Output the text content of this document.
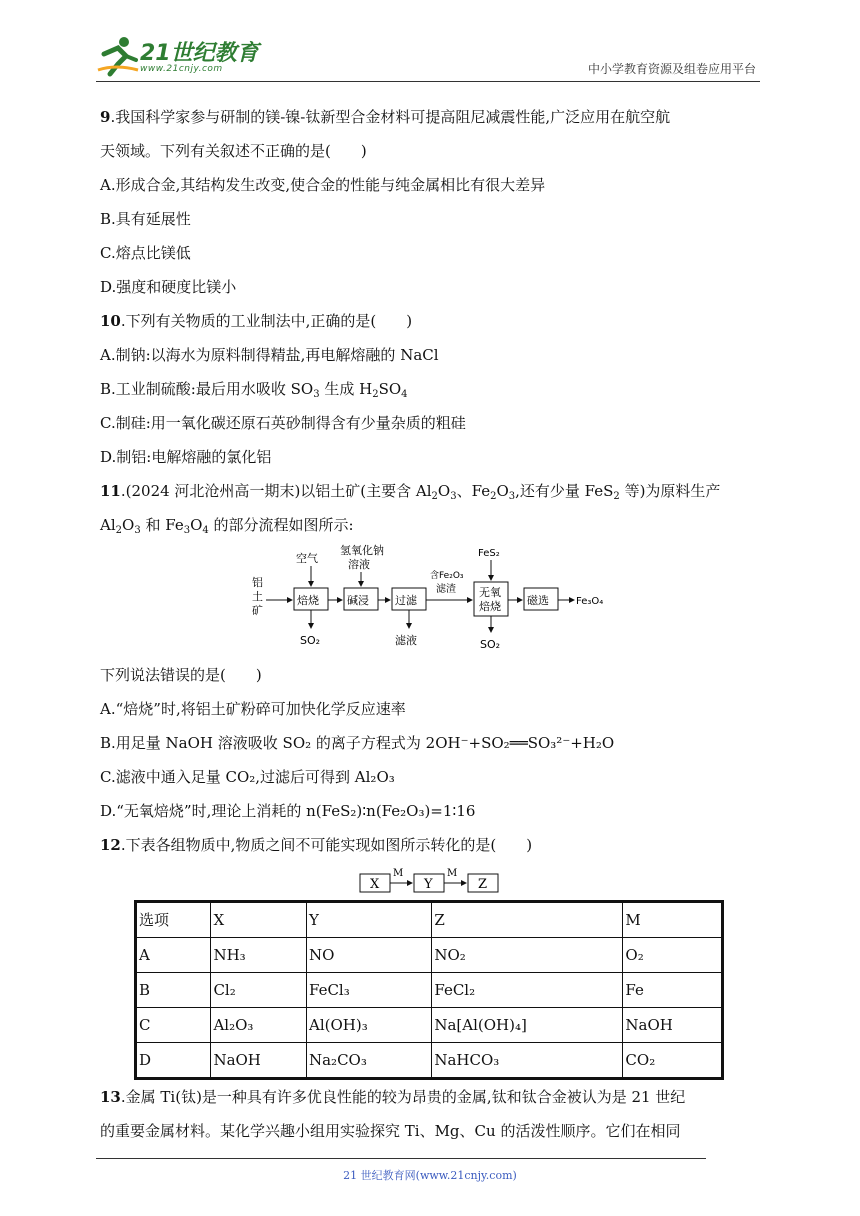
21世纪教育
www.21cnjy.com	中小学教育资源及组卷应用平台
9.我国科学家参与研制的镁-镍-钛新型合金材料可提高阻尼减震性能,广泛应用在航空航
天领域。下列有关叙述不正确的是(　　)
A.形成合金,其结构发生改变,使合金的性能与纯金属相比有很大差异
B.具有延展性
C.熔点比镁低
D.强度和硬度比镁小
10.下列有关物质的工业制法中,正确的是(　　)
A.制钠:以海水为原料制得精盐,再电解熔融的 NaCl
B.工业制硫酸:最后用水吸收 $SO_3$ 生成 $H_2SO_4$
C.制硅:用一氧化碳还原石英砂制得含有少量杂质的粗硅
D.制铝:电解熔融的氯化铝
11.(2024 河北沧州高一期末)以铝土矿(主要含 $Al_2O_3$、$Fe_2O_3$,还有少量 FeS$_2$ 等)为原料生产
$Al_2O_3$ 和 $Fe_3O_4$ 的部分流程如图所示:
铝
土
矿
焙烧
空气
SO₂
碱浸
氢氧化钠
溶液
过滤
滤液
含Fe₂O₃
滤渣 无氧
焙烧
FeS₂
SO₂
磁选	Fe₃O₄
下列说法错误的是(　　)
A.“焙烧”时,将铝土矿粉碎可加快化学反应速率
B.用足量 NaOH 溶液吸收 SO₂ 的离子方程式为 2OH⁻+SO₂══SO₃²⁻+H₂O
C.滤液中通入足量 CO₂,过滤后可得到 Al₂O₃
D.“无氧焙烧”时,理论上消耗的 n(FeS₂)∶n(Fe₂O₃)=1∶16
12.下表各组物质中,物质之间不可能实现如图所示转化的是(　　)
X
M
Y
M
Z
选项	X	Y	Z	M
A	NH₃	NO	NO₂	O₂
B	Cl₂	FeCl₃	FeCl₂	Fe
C	Al₂O₃	Al(OH)₃	Na[Al(OH)₄]	NaOH
D	NaOH	Na₂CO₃	NaHCO₃	CO₂
13.金属 Ti(钛)是一种具有许多优良性能的较为昂贵的金属,钛和钛合金被认为是 21 世纪
的重要金属材料。某化学兴趣小组用实验探究 Ti、Mg、Cu 的活泼性顺序。它们在相同
21 世纪教育网(www.21cnjy.com)
